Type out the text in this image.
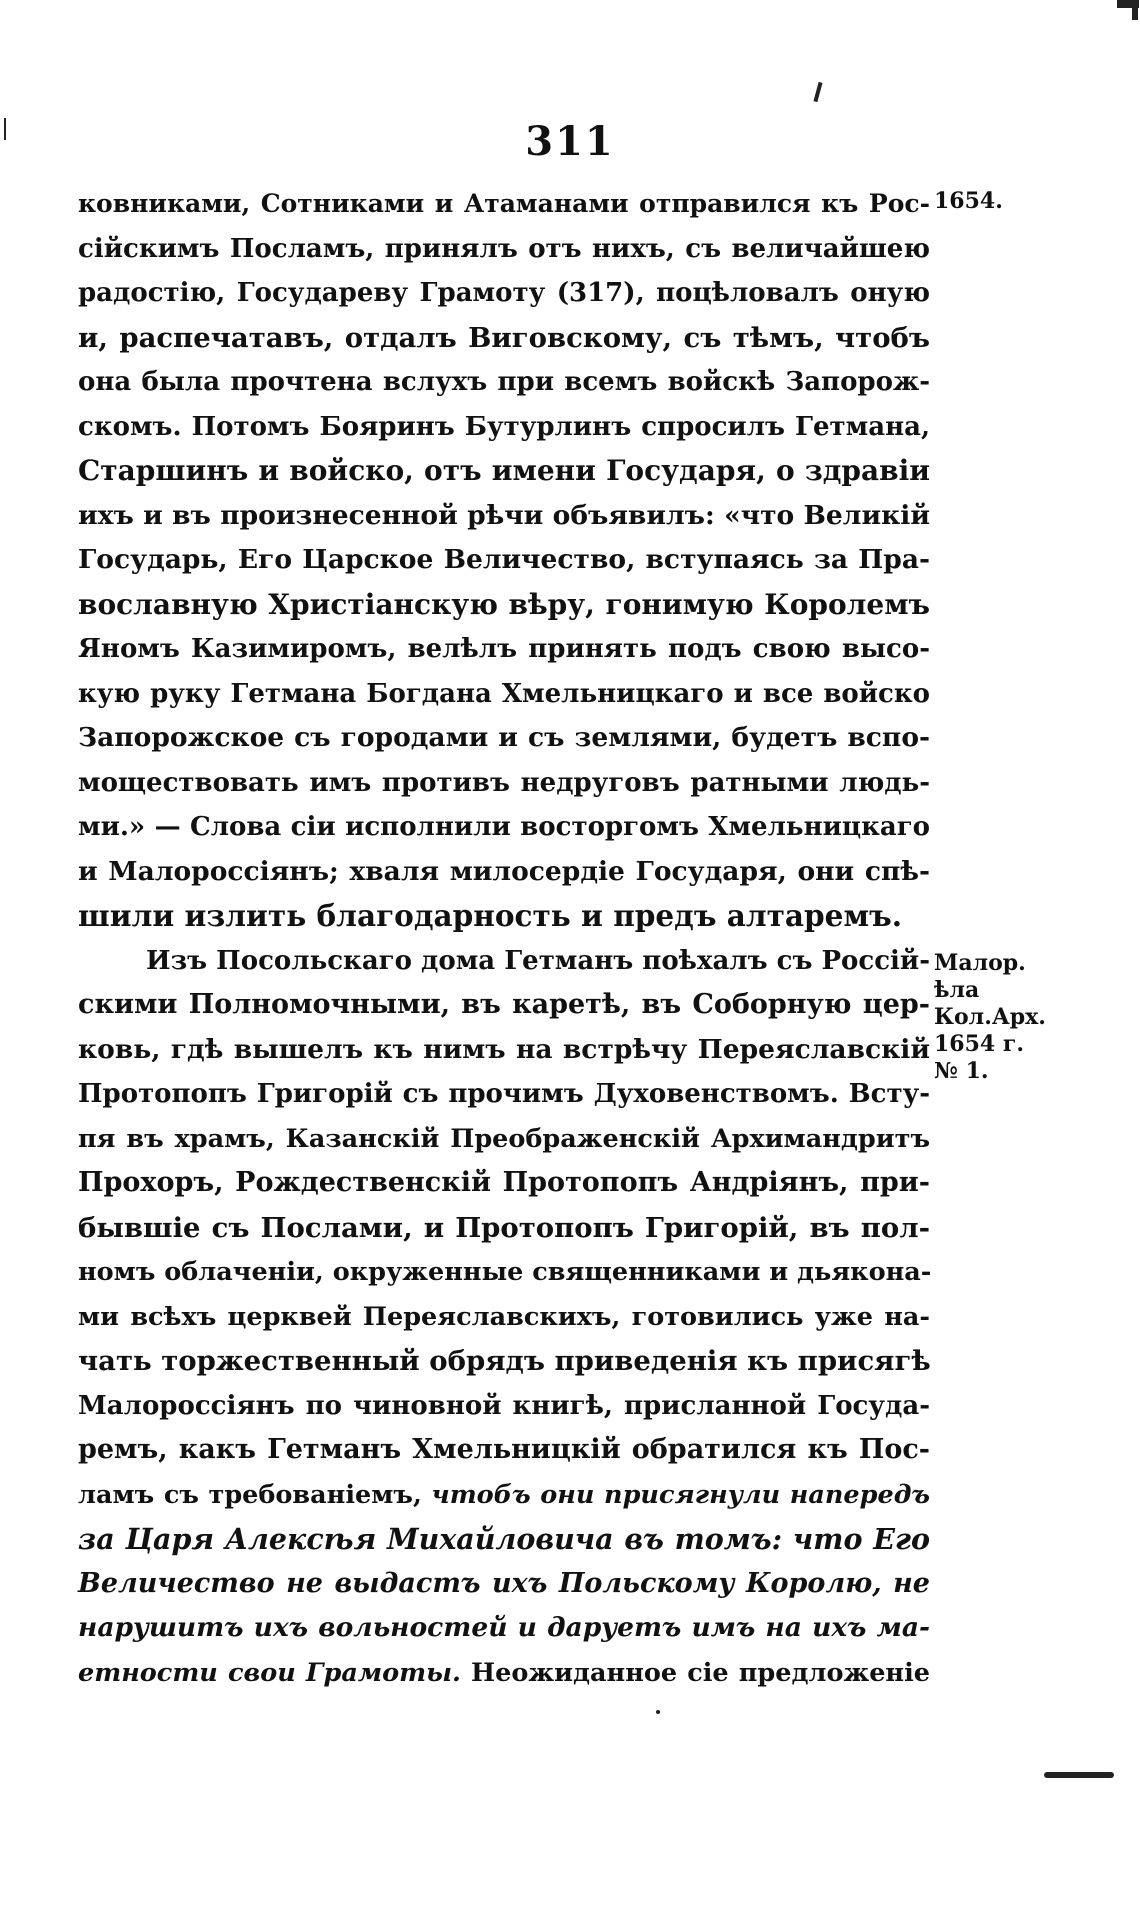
311
ковниками, Сотниками и Атаманами отправился къ Рос-
сійскимъ Посламъ, принялъ отъ нихъ, съ величайшею
радостію, Государеву Грамоту (317), поцѣловалъ оную
и, распечатавъ, отдалъ Виговскому, съ тѣмъ, чтобъ
она была прочтена вслухъ при всемъ войскѣ Запорож-
скомъ. Потомъ Бояринъ Бутурлинъ спросилъ Гетмана,
Старшинъ и войско, отъ имени Государя, о здравіи
ихъ и въ произнесенной рѣчи объявилъ: «что Великій
Государь, Его Царское Величество, вступаясь за Пра-
вославную Христіанскую вѣру, гонимую Королемъ
Яномъ Казимиромъ, велѣлъ принять подъ свою высо-
кую руку Гетмана Богдана Хмельницкаго и все войско
Запорожское съ городами и съ землями, будетъ вспо-
моществовать имъ противъ недруговъ ратными людь-
ми.» — Слова сіи исполнили восторгомъ Хмельницкаго
и Малороссіянъ; хваля милосердіе Государя, они спѣ-
шили излить благодарность и предъ алтаремъ.
Изъ Посольскаго дома Гетманъ поѣхалъ съ Россій-
скими Полномочными, въ каретѣ, въ Соборную цер-
ковь, гдѣ вышелъ къ нимъ на встрѣчу Переяславскій
Протопопъ Григорій съ прочимъ Духовенствомъ. Всту-
пя въ храмъ, Казанскій Преображенскій Архимандритъ
Прохоръ, Рождественскій Протопопъ Андріянъ, при-
бывшіе съ Послами, и Протопопъ Григорій, въ пол-
номъ облаченіи, окруженные священниками и дьякона-
ми всѣхъ церквей Переяславскихъ, готовились уже на-
чать торжественный обрядъ приведенія къ присягѣ
Малороссіянъ по чиновной книгѣ, присланной Госуда-
ремъ, какъ Гетманъ Хмельницкій обратился къ Пос-
ламъ съ требованіемъ, чтобъ они присягнули напередъ
за Царя Алексѣя Михайловича въ томъ: что Его
Величество не выдастъ ихъ Польскому Королю, не
нарушитъ ихъ вольностей и даруетъ имъ на ихъ ма-
етности свои Грамоты. Неожиданное сіе предложеніе
1654.
Малор.
ѣла
Кол.Арх.
1654 г.
№ 1.
